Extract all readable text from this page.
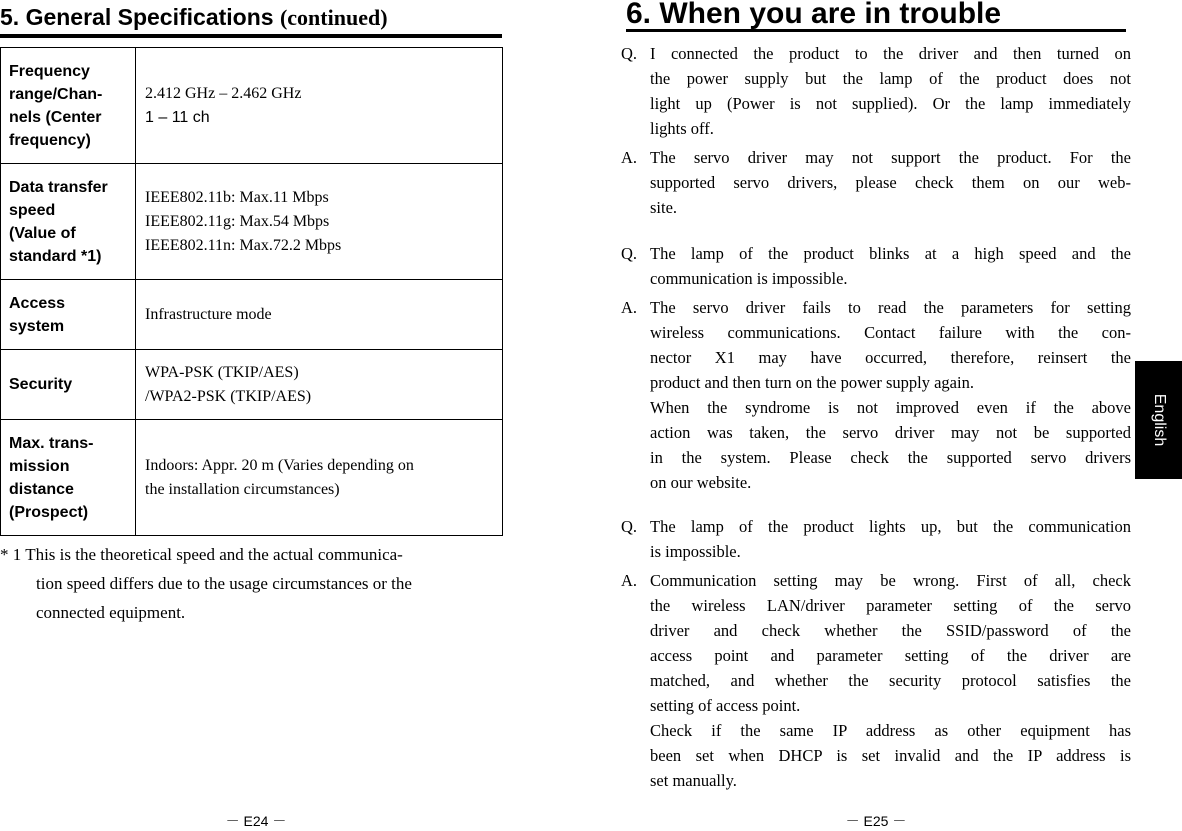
5. General Specifications (continued)
Frequency
range/Chan-
nels (Center
frequency)	2.412 GHz – 2.462 GHz
1 – 11 ch

Data transfer
speed
(Value of
standard *1)	IEEE802.11b: Max.11 Mbps
IEEE802.11g: Max.54 Mbps
IEEE802.11n: Max.72.2 Mbps

Access
system	Infrastructure mode

Security	WPA-PSK (TKIP/AES)
/WPA2-PSK (TKIP/AES)

Max. trans-
mission
distance
(Prospect)	Indoors: Appr. 20 m (Varies depending on
the installation circumstances)
* 1 This is the theoretical speed and the actual communica-
tion speed differs due to the usage circumstances or the
connected equipment.
－ E24 －
6. When you are in trouble
Q. I connected the product to the driver and then turned on
the power supply but the lamp of the product does not
light up (Power is not supplied). Or the lamp immediately
lights off.
A. The servo driver may not support the product. For the
supported servo drivers, please check them on our web-
site.
Q. The lamp of the product blinks at a high speed and the
communication is impossible.
A. The servo driver fails to read the parameters for setting
wireless communications. Contact failure with the con-
nector X1 may have occurred, therefore, reinsert the
product and then turn on the power supply again.
When the syndrome is not improved even if the above
action was taken, the servo driver may not be supported
in the system. Please check the supported servo drivers
on our website.
Q. The lamp of the product lights up, but the communication
is impossible.
A. Communication setting may be wrong. First of all, check
the wireless LAN/driver parameter setting of the servo
driver and check whether the SSID/password of the
access point and parameter setting of the driver are
matched, and whether the security protocol satisfies the
setting of access point.
Check if the same IP address as other equipment has
been set when DHCP is set invalid and the IP address is
set manually.
－ E25 －
English
